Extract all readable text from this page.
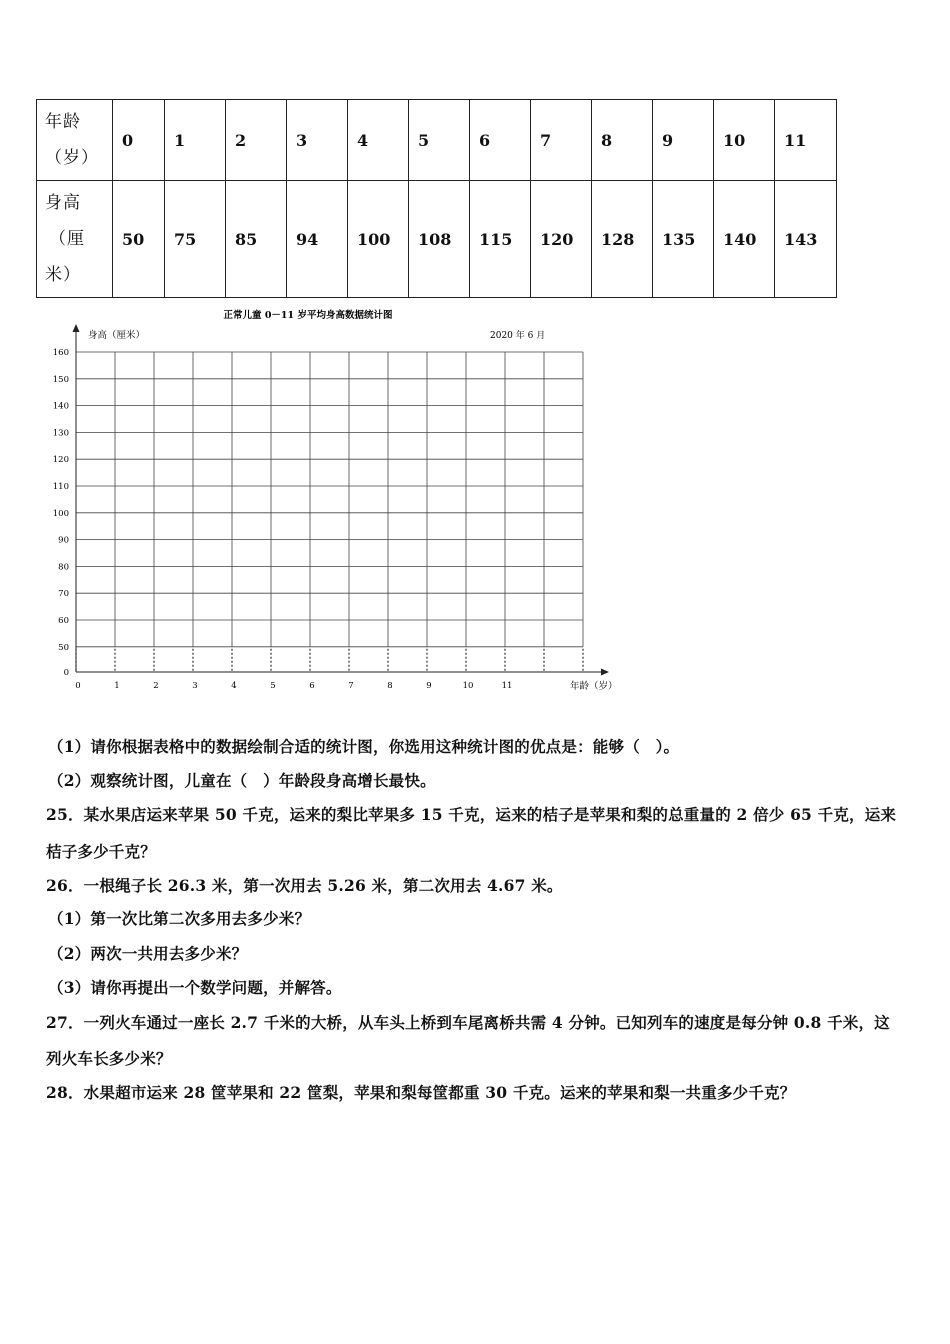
年龄
（岁）	0	1	2	3	4	5	6	7	8	9	10	11

身高
（厘
米）	50	75	85	94	100	108	115	120	128	135	140	143
正常儿童 0－11 岁平均身高数据统计图
2020 年 6 月
身高（厘米）
年龄（岁）
0
50
60
70
80
90
100
110
120
130
140
150
160
0	1	2	3	4	5	6	7	8	9	10	11
（1）请你根据表格中的数据绘制合适的统计图，你选用这种统计图的优点是：能够（　）。
（2）观察统计图，儿童在（　）年龄段身高增长最快。
25．某水果店运来苹果 50 千克，运来的梨比苹果多 15 千克，运来的桔子是苹果和梨的总重量的 2 倍少 65 千克，运来
桔子多少千克？
26．一根绳子长 26.3 米，第一次用去 5.26 米，第二次用去 4.67 米。
（1）第一次比第二次多用去多少米？
（2）两次一共用去多少米？
（3）请你再提出一个数学问题，并解答。
27．一列火车通过一座长 2.7 千米的大桥，从车头上桥到车尾离桥共需 4 分钟。已知列车的速度是每分钟 0.8 千米，这
列火车长多少米？
28．水果超市运来 28 筐苹果和 22 筐梨，苹果和梨每筐都重 30 千克。运来的苹果和梨一共重多少千克？
